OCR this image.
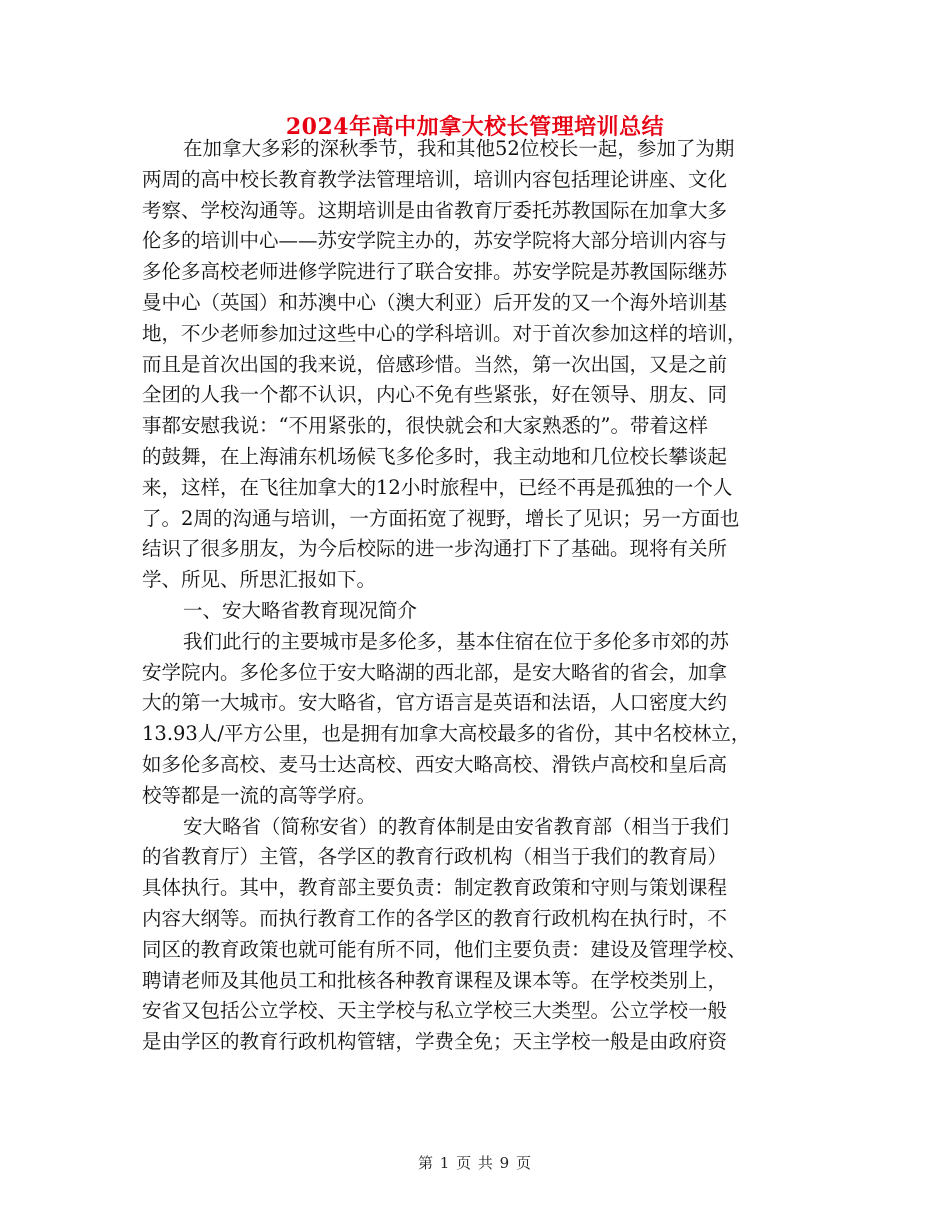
2024年高中加拿大校长管理培训总结
在加拿大多彩的深秋季节，我和其他52位校长一起，参加了为期
两周的高中校长教育教学法管理培训，培训内容包括理论讲座、文化
考察、学校沟通等。这期培训是由省教育厅委托苏教国际在加拿大多
伦多的培训中心——苏安学院主办的，苏安学院将大部分培训内容与
多伦多高校老师进修学院进行了联合安排。苏安学院是苏教国际继苏
曼中心（英国）和苏澳中心（澳大利亚）后开发的又一个海外培训基
地，不少老师参加过这些中心的学科培训。对于首次参加这样的培训，
而且是首次出国的我来说，倍感珍惜。当然，第一次出国，又是之前
全团的人我一个都不认识，内心不免有些紧张，好在领导、朋友、同
事都安慰我说：“不用紧张的，很快就会和大家熟悉的”。带着这样
的鼓舞，在上海浦东机场候飞多伦多时，我主动地和几位校长攀谈起
来，这样，在飞往加拿大的12小时旅程中，已经不再是孤独的一个人
了。2周的沟通与培训，一方面拓宽了视野，增长了见识；另一方面也
结识了很多朋友，为今后校际的进一步沟通打下了基础。现将有关所
学、所见、所思汇报如下。
一、安大略省教育现况简介
我们此行的主要城市是多伦多，基本住宿在位于多伦多市郊的苏
安学院内。多伦多位于安大略湖的西北部，是安大略省的省会，加拿
大的第一大城市。安大略省，官方语言是英语和法语，人口密度大约
13.93人/平方公里，也是拥有加拿大高校最多的省份，其中名校林立，
如多伦多高校、麦马士达高校、西安大略高校、滑铁卢高校和皇后高
校等都是一流的高等学府。
安大略省（简称安省）的教育体制是由安省教育部（相当于我们
的省教育厅）主管，各学区的教育行政机构（相当于我们的教育局）
具体执行。其中，教育部主要负责：制定教育政策和守则与策划课程
内容大纲等。而执行教育工作的各学区的教育行政机构在执行时，不
同区的教育政策也就可能有所不同，他们主要负责：建设及管理学校、
聘请老师及其他员工和批核各种教育课程及课本等。在学校类别上，
安省又包括公立学校、天主学校与私立学校三大类型。公立学校一般
是由学区的教育行政机构管辖，学费全免；天主学校一般是由政府资
第 1 页 共 9 页
